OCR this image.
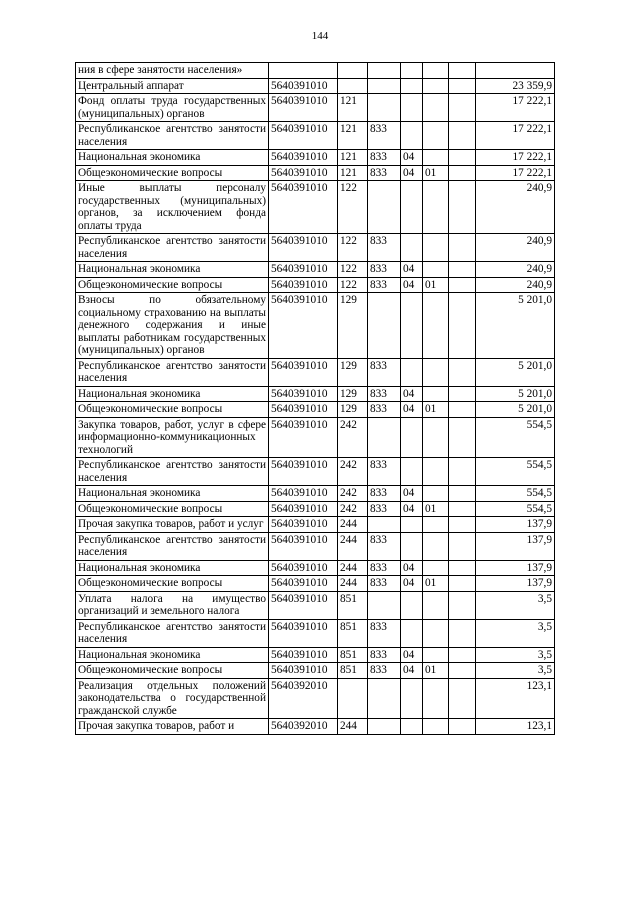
144
ния в сфере занятости населения»							
Центральный аппарат	5640391010						23 359,9
Фонд оплаты труда государственных (муниципальных) органов	5640391010	121					17 222,1
Республиканское агентство занятости населения	5640391010	121	833				17 222,1
Национальная экономика	5640391010	121	833	04			17 222,1
Общеэкономические вопросы	5640391010	121	833	04	01		17 222,1
Иные выплаты персоналу государственных (муниципальных) органов, за исключением фонда оплаты труда	5640391010	122					240,9
Республиканское агентство занятости населения	5640391010	122	833				240,9
Национальная экономика	5640391010	122	833	04			240,9
Общеэкономические вопросы	5640391010	122	833	04	01		240,9
Взносы по обязательному социальному страхованию на выплаты денежного содержания и иные выплаты работникам государственных (муниципальных) органов	5640391010	129					5 201,0
Республиканское агентство занятости населения	5640391010	129	833				5 201,0
Национальная экономика	5640391010	129	833	04			5 201,0
Общеэкономические вопросы	5640391010	129	833	04	01		5 201,0
Закупка товаров, работ, услуг в сфере информационно-коммуникационных технологий	5640391010	242					554,5
Республиканское агентство занятости населения	5640391010	242	833				554,5
Национальная экономика	5640391010	242	833	04			554,5
Общеэкономические вопросы	5640391010	242	833	04	01		554,5
Прочая закупка товаров, работ и услуг	5640391010	244					137,9
Республиканское агентство занятости населения	5640391010	244	833				137,9
Национальная экономика	5640391010	244	833	04			137,9
Общеэкономические вопросы	5640391010	244	833	04	01		137,9
Уплата налога на имущество организаций и земельного налога	5640391010	851					3,5
Республиканское агентство занятости населения	5640391010	851	833				3,5
Национальная экономика	5640391010	851	833	04			3,5
Общеэкономические вопросы	5640391010	851	833	04	01		3,5
Реализация отдельных положений законодательства о государственной гражданской службе	5640392010						123,1
Прочая закупка товаров, работ и	5640392010	244					123,1
